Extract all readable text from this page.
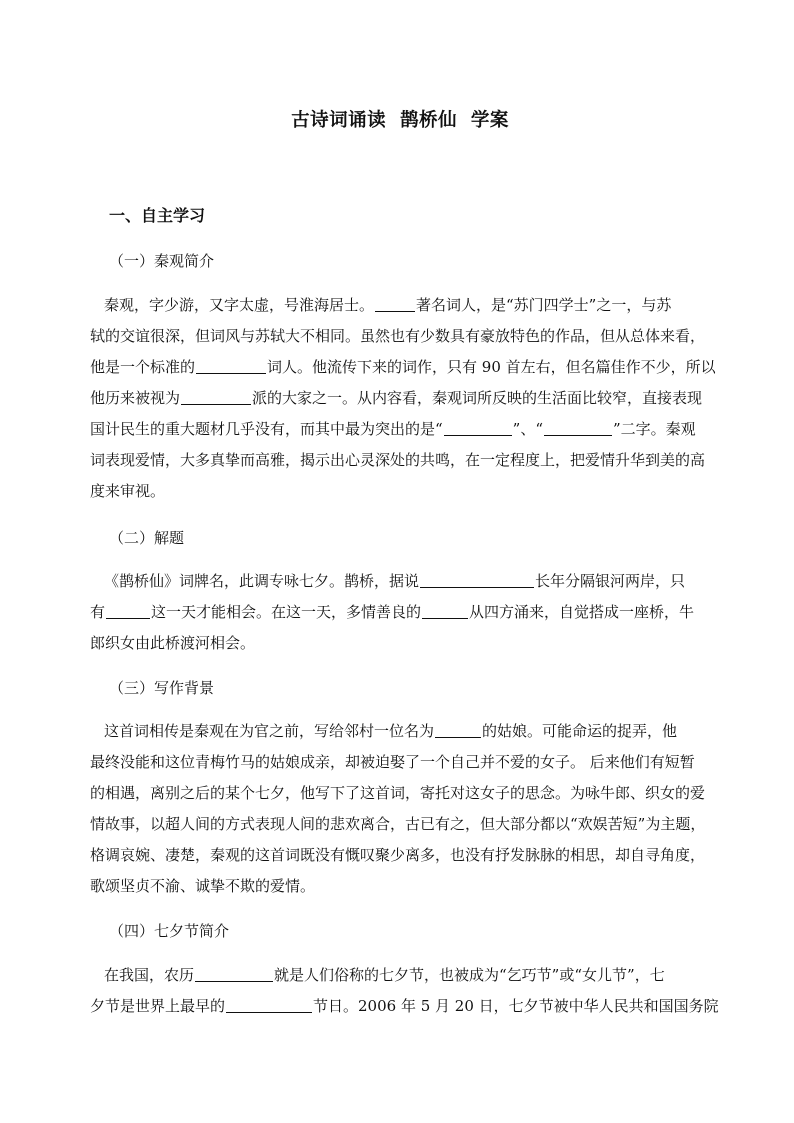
古诗词诵读  鹊桥仙  学案
一、自主学习
（一）秦观简介
秦观，字少游，又字太虚，号淮海居士。	著名词人，是“苏门四学士”之一，与苏
轼的交谊很深，但词风与苏轼大不相同。虽然也有少数具有豪放特色的作品，但从总体来看，
他是一个标准的	词人。他流传下来的词作，只有 90 首左右，但名篇佳作不少，所以
他历来被视为	派的大家之一。从内容看，秦观词所反映的生活面比较窄，直接表现
国计民生的重大题材几乎没有，而其中最为突出的是“	”、“	”二字。秦观
词表现爱情，大多真挚而高雅，揭示出心灵深处的共鸣，在一定程度上，把爱情升华到美的高
度来审视。
（二）解题
《鹊桥仙》词牌名，此调专咏七夕。鹊桥，据说	长年分隔银河两岸，只
有	这一天才能相会。在这一天，多情善良的	从四方涌来，自觉搭成一座桥，牛
郎织女由此桥渡河相会。
（三）写作背景
这首词相传是秦观在为官之前，写给邻村一位名为	的姑娘。可能命运的捉弄，他
最终没能和这位青梅竹马的姑娘成亲，却被迫娶了一个自己并不爱的女子。 后来他们有短暂
的相遇，离别之后的某个七夕，他写下了这首词，寄托对这女子的思念。为咏牛郎、织女的爱
情故事，以超人间的方式表现人间的悲欢离合，古已有之，但大部分都以“欢娱苦短”为主题，
格调哀婉、凄楚，秦观的这首词既没有慨叹聚少离多，也没有抒发脉脉的相思，却自寻角度，
歌颂坚贞不渝、诚挚不欺的爱情。
（四）七夕节简介
在我国，农历	就是人们俗称的七夕节，也被成为“乞巧节”或“女儿节”，七
夕节是世界上最早的	节日。2006 年 5 月 20 日，七夕节被中华人民共和国国务院
